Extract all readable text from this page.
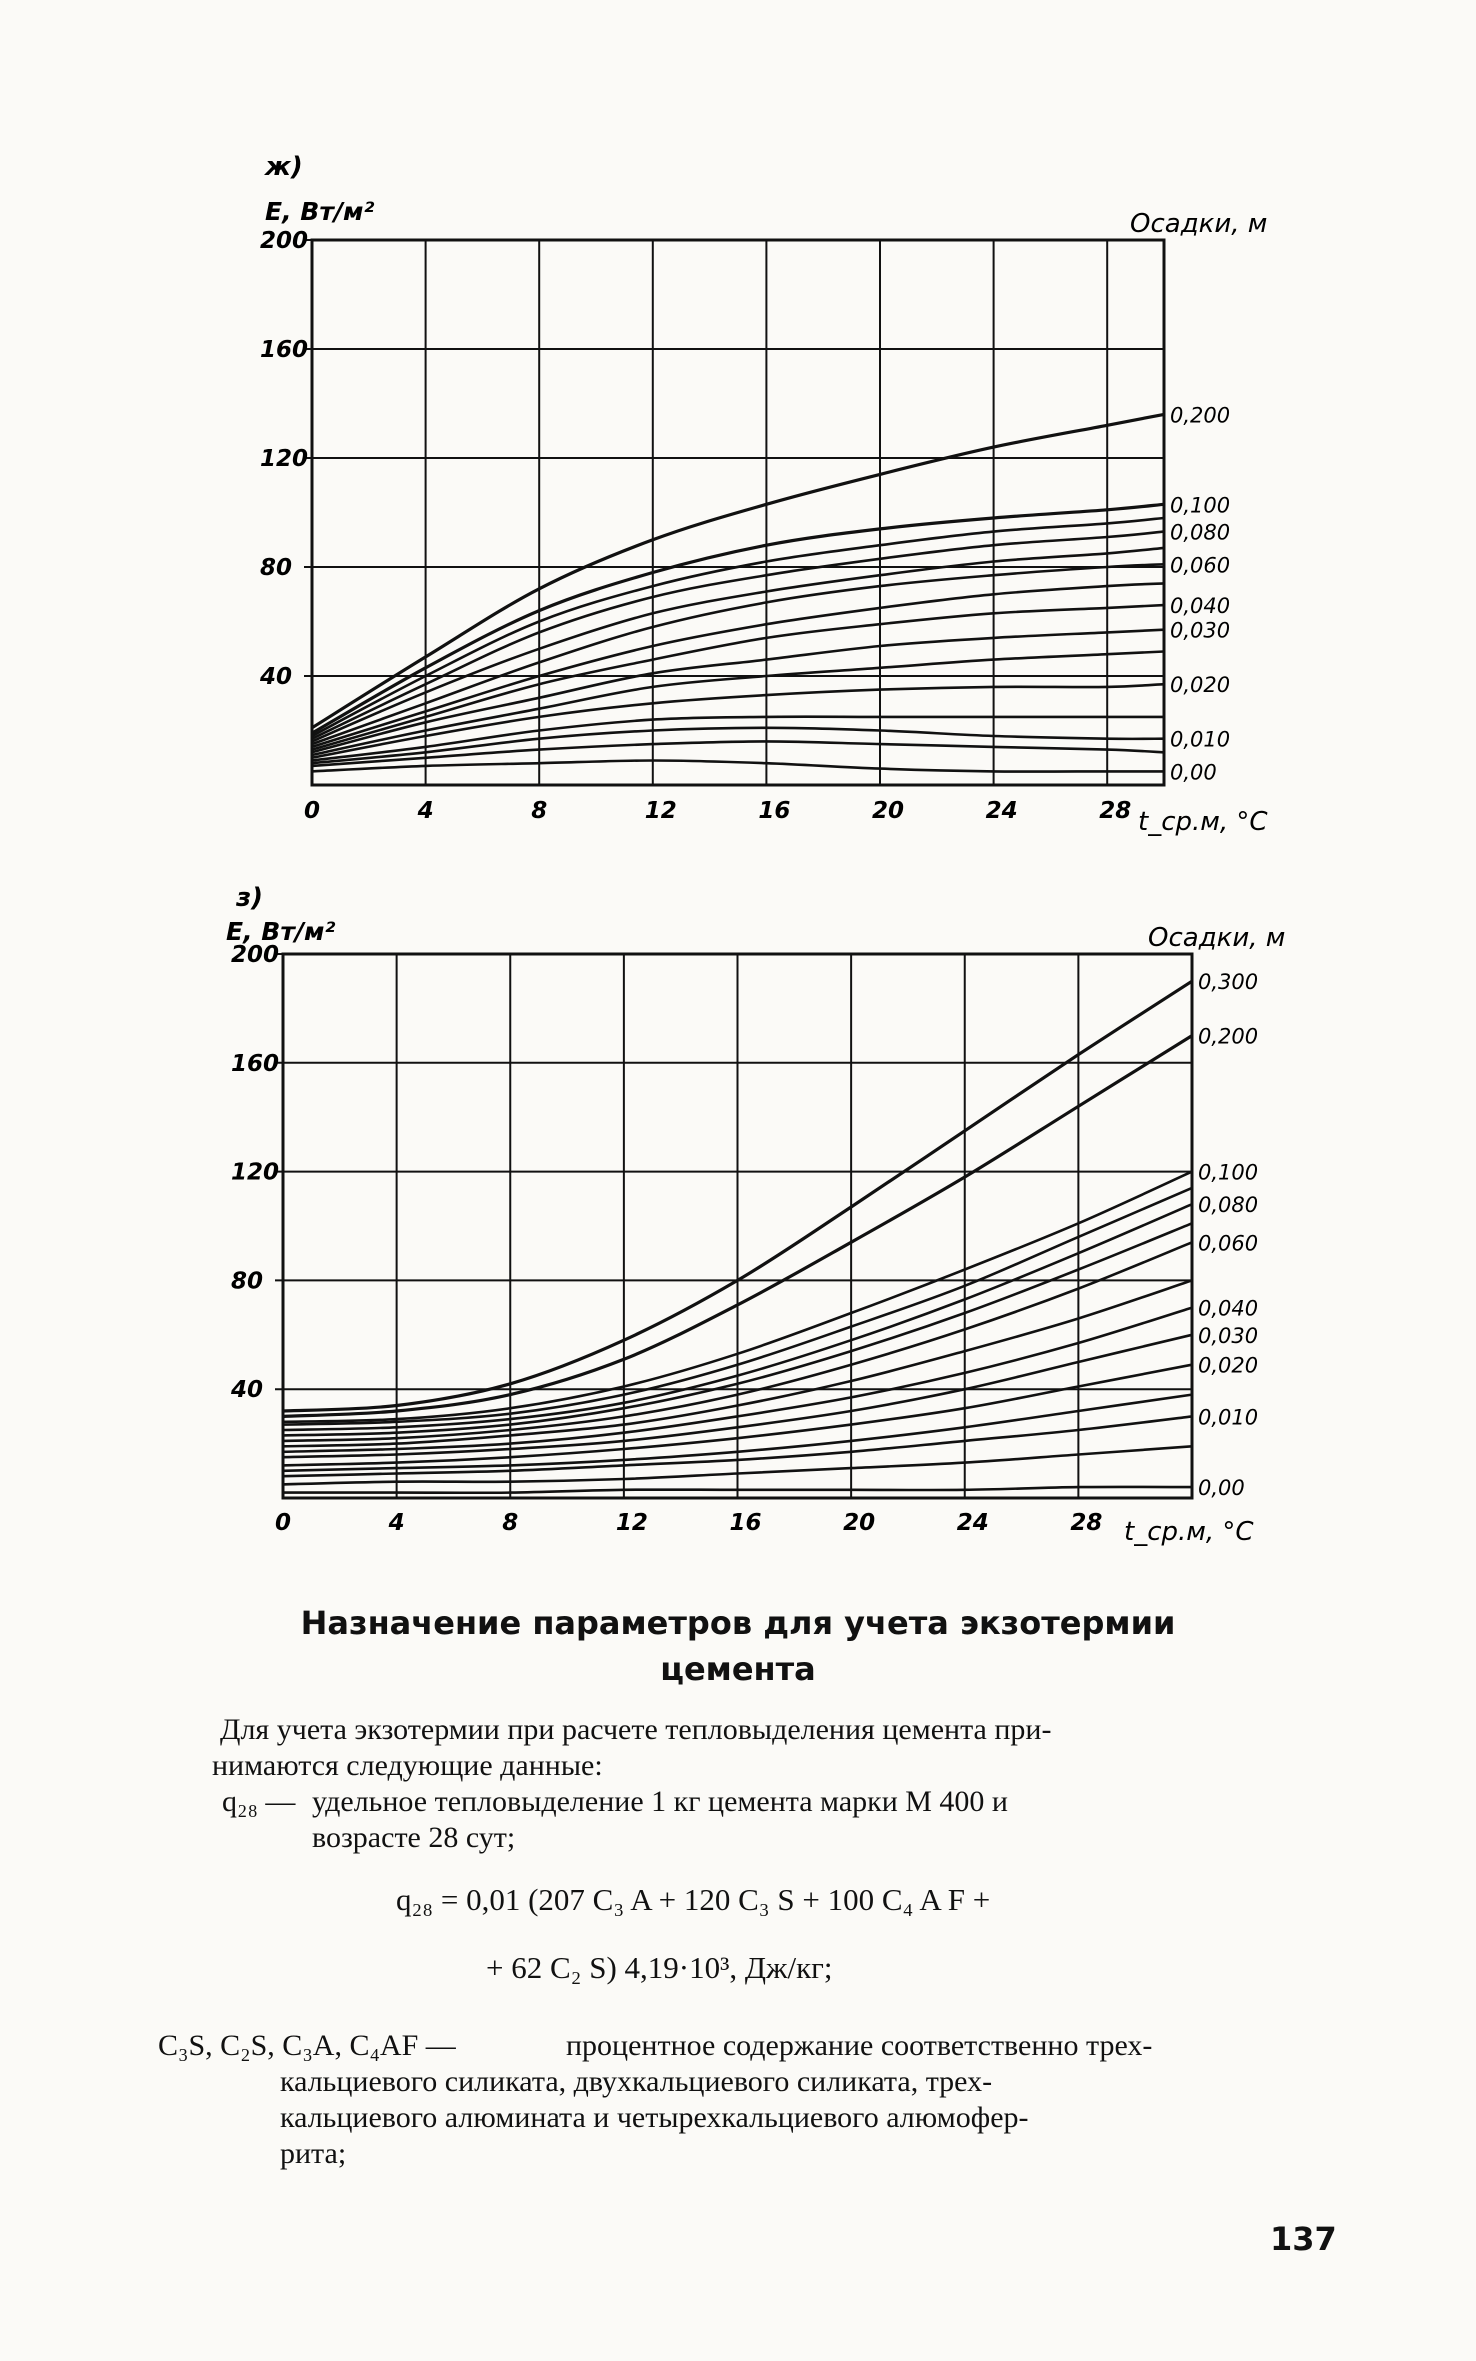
ж)
E, Вт/м²	Осадки, м
0,200
0,100
0,080
0,060
0,040
0,030
0,020
0,010
0,00
0	4	8	12	16	20	24	28
40
80
120
160
200
t_ср.м, °C
з)
E, Вт/м²	Осадки, м
0,300
0,200
0,100
0,080
0,060
0,040
0,030
0,020
0,010
0,00
0	4	8	12	16	20	24	28
40
80
120
160
200
t_ср.м, °C
Назначение параметров для учета экзотермии
цемента
Для учета экзотермии при расчете тепловыделения цемента при-
нимаются следующие данные:
q₂₈ — удельное тепловыделение 1 кг цемента марки М 400 и
возрасте 28 сут;
q₂₈ = 0,01 (207 C₃ A + 120 C₃ S + 100 C₄ A F +
+ 62 C₂ S) 4,19·10³, Дж/кг;
C₃S, C₂S, C₃A, C₄AF —	процентное содержание соответственно трех-
кальциевого силиката, двухкальциевого силиката, трех-
кальциевого алюмината и четырехкальциевого алюмофер-
рита;
137
